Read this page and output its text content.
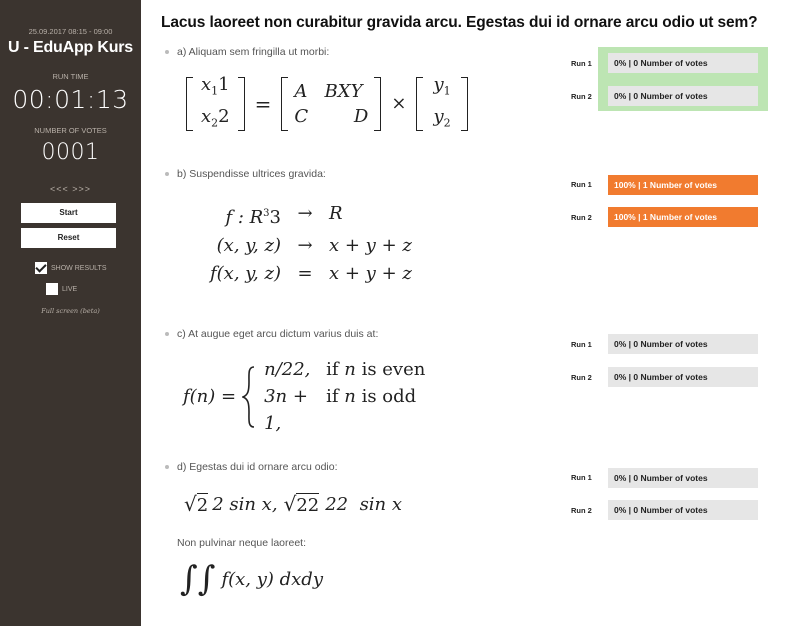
25.09.2017 08:15 - 09:00
U - EduApp Kurs
RUN TIME
00:01:13
NUMBER OF VOTES
0001
<<< >>>
Start
Reset
SHOW RESULTS
LIVE
Full screen (beta)
Lacus laoreet non curabitur gravida arcu. Egestas dui id ornare arcu odio ut sem?
a) Aliquam sem fringilla ut morbi:
$x_11$
$x_22$
=
A   BXY
C        D
×
$y_1$
$y_2$
Run 1	0% | 0 Number of votes
Run 2	0% | 0 Number of votes
b) Suspendisse ultrices gravida:
f : $R^33 \to R$
(x, y, z) → x + y + z
f(x, y, z) = x + y + z
Run 1	100% | 1 Number of votes
Run 2	100% | 1 Number of votes
c) At augue eget arcu dictum varius duis at:
f(n) =
n/22, if n is even
3n + 1,
if n is odd
Run 1	0% | 0 Number of votes
Run 2	0% | 0 Number of votes
d) Egestas dui id ornare arcu odio:
√ 2 2 sin x, √ 22 22  sin x
Non pulvinar neque laoreet:
∫∫ f(x, y) dxdy
Run 1	0% | 0 Number of votes
Run 2	0% | 0 Number of votes
